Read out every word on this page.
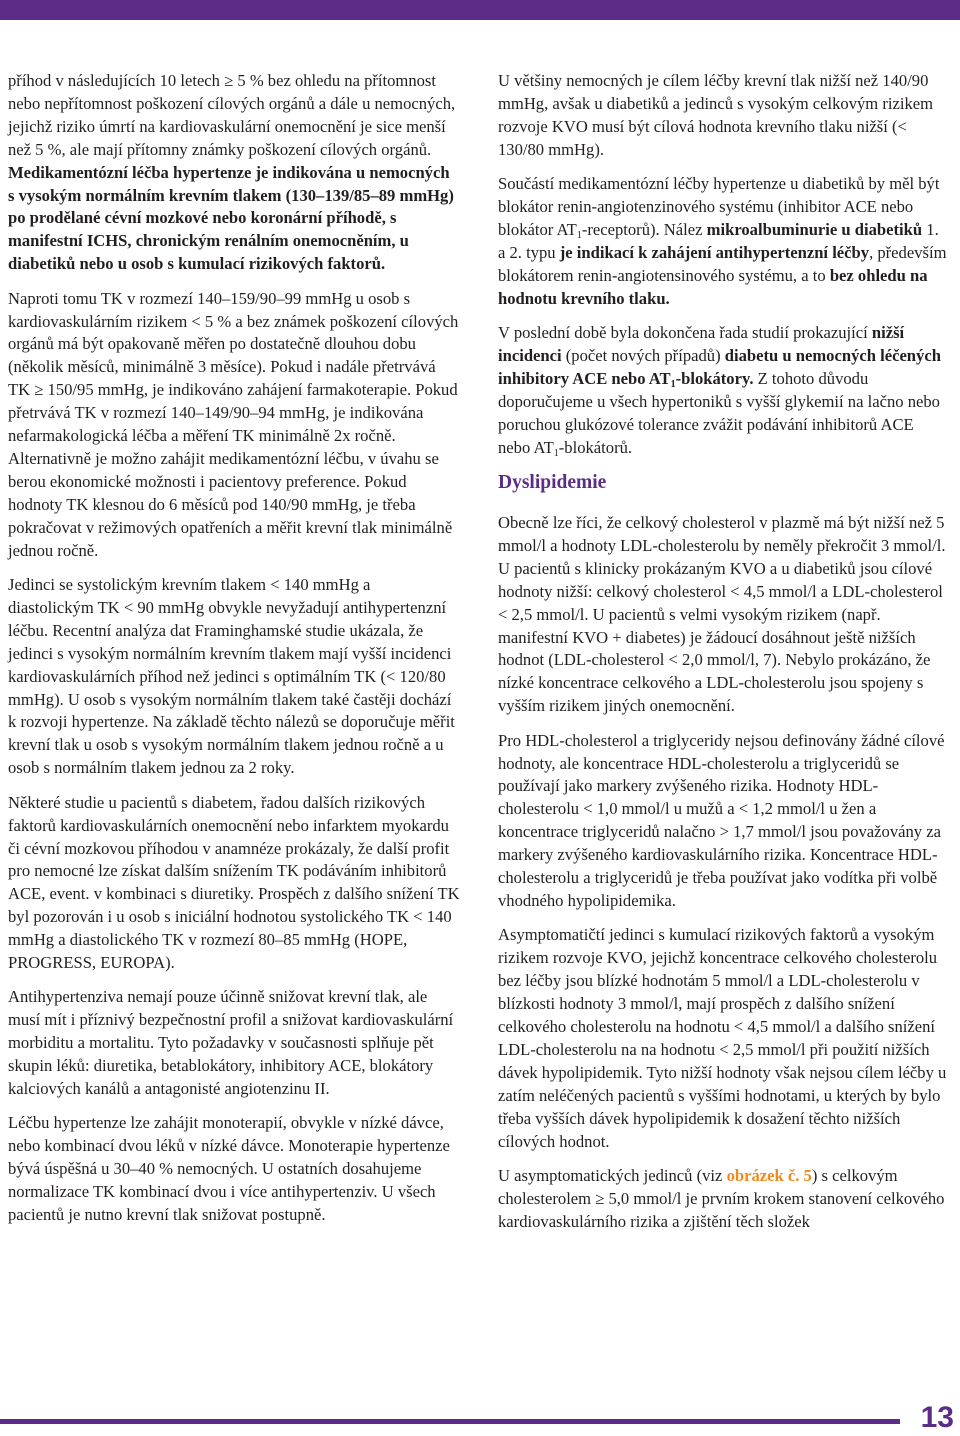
příhod v následujících 10 letech ≥ 5 % bez ohledu na přítomnost nebo nepřítomnost poškození cílových orgánů a dále u nemocných, jejichž riziko úmrtí na kardiovaskulární onemocnění je sice menší než 5 %, ale mají přítomny známky poškození cílových orgánů. Medikamentózní léčba hypertenze je indikována u nemocných s vysokým normálním krevním tlakem (130–139/85–89 mmHg) po prodělané cévní mozkové nebo koronární příhodě, s manifestní ICHS, chronickým renálním onemocněním, u diabetiků nebo u osob s kumulací rizikových faktorů.

Naproti tomu TK v rozmezí 140–159/90–99 mmHg u osob s kardiovaskulárním rizikem < 5 % a bez známek poškození cílových orgánů má být opakovaně měřen po dostatečně dlouhou dobu (několik měsíců, minimálně 3 měsíce). Pokud i nadále přetrvává TK ≥ 150/95 mmHg, je indikováno zahájení farmakoterapie. Pokud přetrvává TK v rozmezí 140–149/90–94 mmHg, je indikována nefarmakologická léčba a měření TK minimálně 2x ročně. Alternativně je možno zahájit medikamentózní léčbu, v úvahu se berou ekonomické možnosti i pacientovy preference. Pokud hodnoty TK klesnou do 6 měsíců pod 140/90 mmHg, je třeba pokračovat v režimových opatřeních a měřit krevní tlak minimálně jednou ročně.

Jedinci se systolickým krevním tlakem < 140 mmHg a diastolickým TK < 90 mmHg obvykle nevyžadují antihypertenzní léčbu. Recentní analýza dat Framinghamské studie ukázala, že jedinci s vysokým normálním krevním tlakem mají vyšší incidenci kardiovaskulárních příhod než jedinci s optimálním TK (< 120/80 mmHg). U osob s vysokým normálním tlakem také častěji dochází k rozvoji hypertenze. Na základě těchto nálezů se doporučuje měřit krevní tlak u osob s vysokým normálním tlakem jednou ročně a u osob s normálním tlakem jednou za 2 roky.

Některé studie u pacientů s diabetem, řadou dalších rizikových faktorů kardiovaskulárních onemocnění nebo infarktem myokardu či cévní mozkovou příhodou v anamnéze prokázaly, že další profit pro nemocné lze získat dalším snížením TK podáváním inhibitorů ACE, event. v kombinaci s diuretiky. Prospěch z dalšího snížení TK byl pozorován i u osob s iniciální hodnotou systolického TK < 140 mmHg a diastolického TK v rozmezí 80–85 mmHg (HOPE, PROGRESS, EUROPA).

Antihypertenziva nemají pouze účinně snižovat krevní tlak, ale musí mít i příznivý bezpečnostní profil a snižovat kardiovaskulární morbiditu a mortalitu. Tyto požadavky v současnosti splňuje pět skupin léků: diuretika, betablokátory, inhibitory ACE, blokátory kalciových kanálů a antagonisté angiotenzinu II.

Léčbu hypertenze lze zahájit monoterapií, obvykle v nízké dávce, nebo kombinací dvou léků v nízké dávce. Monoterapie hypertenze bývá úspěšná u 30–40 % nemocných. U ostatních dosahujeme normalizace TK kombinací dvou i více antihypertenziv. U všech pacientů je nutno krevní tlak snižovat postupně.

U většiny nemocných je cílem léčby krevní tlak nižší než 140/90 mmHg, avšak u diabetiků a jedinců s vysokým celkovým rizikem rozvoje KVO musí být cílová hodnota krevního tlaku nižší (< 130/80 mmHg).

Součástí medikamentózní léčby hypertenze u diabetiků by měl být blokátor renin-angiotenzinového systému (inhibitor ACE nebo blokátor $AT_1-receptorů$). Nález mikroalbuminurie u diabetiků 1. a 2. typu je indikací k zahájení antihypertenzní léčby, především blokátorem renin-angiotensinového systému, a to bez ohledu na hodnotu krevního tlaku.

V poslední době byla dokončena řada studií prokazující nižší incidenci (počet nových případů) diabetu u nemocných léčených inhibitory ACE nebo $AT_1$-blokátory. Z tohoto důvodu doporučujeme u všech hypertoniků s vyšší glykemií na lačno nebo poruchou glukózové tolerance zvážit podávání inhibitorů ACE nebo $AT_1$-blokátorů.

Dyslipidemie

Obecně lze říci, že celkový cholesterol v plazmě má být nižší než 5 mmol/l a hodnoty LDL-cholesterolu by neměly překročit 3 mmol/l. U pacientů s klinicky prokázaným KVO a u diabetiků jsou cílové hodnoty nižší: celkový cholesterol < 4,5 mmol/l a LDL-cholesterol < 2,5 mmol/l. U pacientů s velmi vysokým rizikem (např. manifestní KVO + diabetes) je žádoucí dosáhnout ještě nižších hodnot (LDL-cholesterol < 2,0 mmol/l, 7). Nebylo prokázáno, že nízké koncentrace celkového a LDL-cholesterolu jsou spojeny s vyšším rizikem jiných onemocnění.

Pro HDL-cholesterol a triglyceridy nejsou definovány žádné cílové hodnoty, ale koncentrace HDL-cholesterolu a triglyceridů se používají jako markery zvýšeného rizika. Hodnoty HDL-cholesterolu < 1,0 mmol/l u mužů a < 1,2 mmol/l u žen a koncentrace triglyceridů nalačno > 1,7 mmol/l jsou považovány za markery zvýšeného kardiovaskulárního rizika. Koncentrace HDL-cholesterolu a triglyceridů je třeba používat jako vodítka při volbě vhodného hypolipidemika.

Asymptomatičtí jedinci s kumulací rizikových faktorů a vysokým rizikem rozvoje KVO, jejichž koncentrace celkového cholesterolu bez léčby jsou blízké hodnotám 5 mmol/l a LDL-cholesterolu v blízkosti hodnoty 3 mmol/l, mají prospěch z dalšího snížení celkového cholesterolu na hodnotu < 4,5 mmol/l a dalšího snížení LDL-cholesterolu na na hodnotu < 2,5 mmol/l při použití nižších dávek hypolipidemik. Tyto nižší hodnoty však nejsou cílem léčby u zatím neléčených pacientů s vyššími hodnotami, u kterých by bylo třeba vyšších dávek hypolipidemik k dosažení těchto nižších cílových hodnot.

U asymptomatických jedinců (viz obrázek č. 5) s celkovým cholesterolem ≥ 5,0 mmol/l je prvním krokem stanovení celkového kardiovaskulárního rizika a zjištění těch složek

13
